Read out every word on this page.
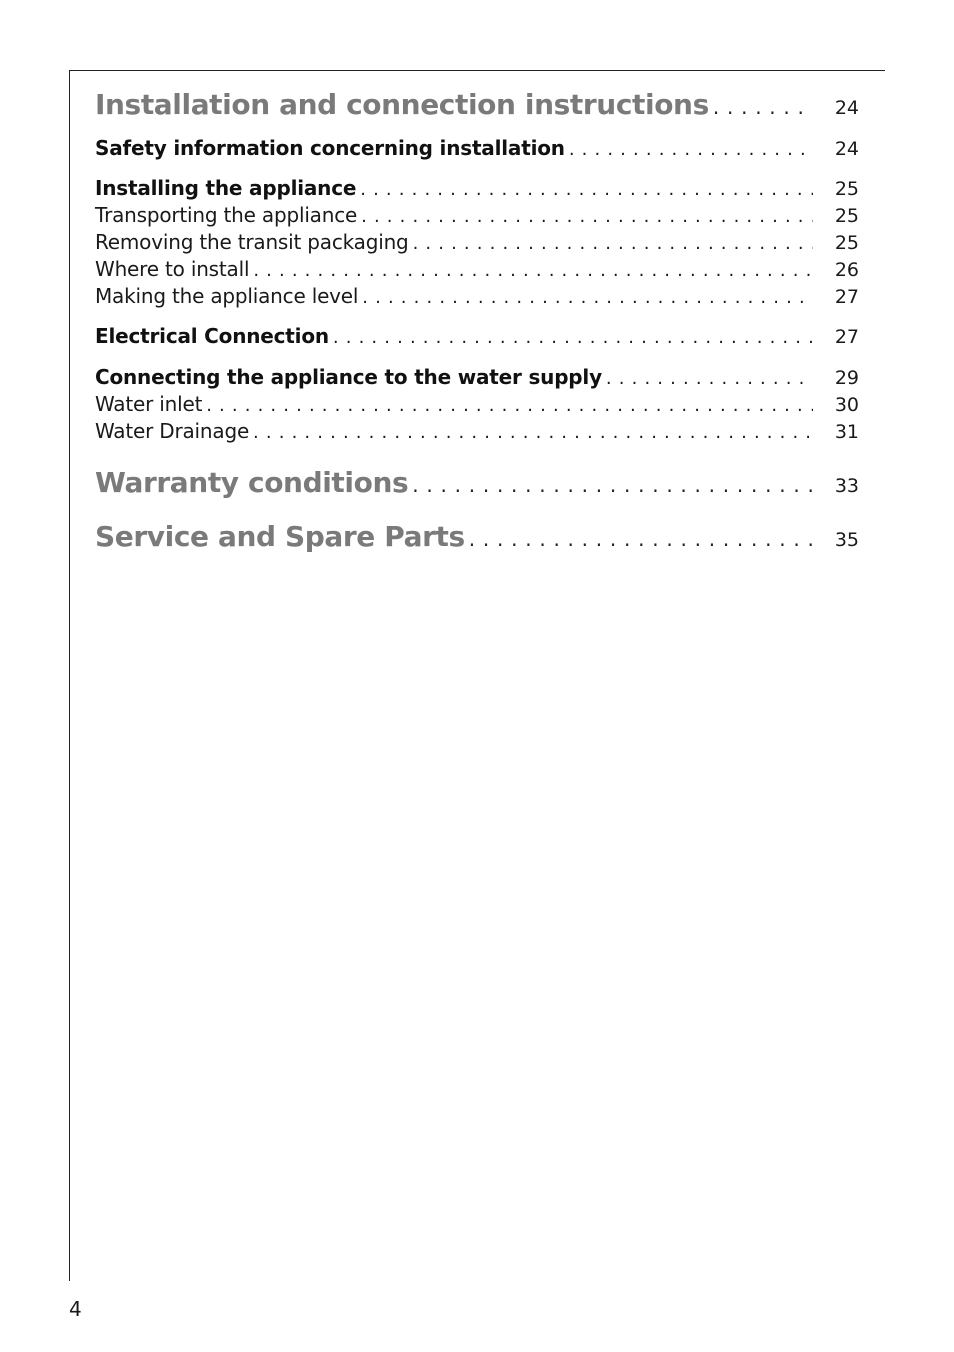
Installation and connection instructions . . .	24
Safety information concerning installation . . .	24
Installing the appliance . . .	25
Transporting the appliance . . .	25
Removing the transit packaging . . .	25
Where to install . . .	26
Making the appliance level . . .	27
Electrical Connection . . .	27
Connecting the appliance to the water supply . . .	29
Water inlet . . .	30
Water Drainage . . .	31
Warranty conditions . . .	33
Service and Spare Parts . . .	35
4
